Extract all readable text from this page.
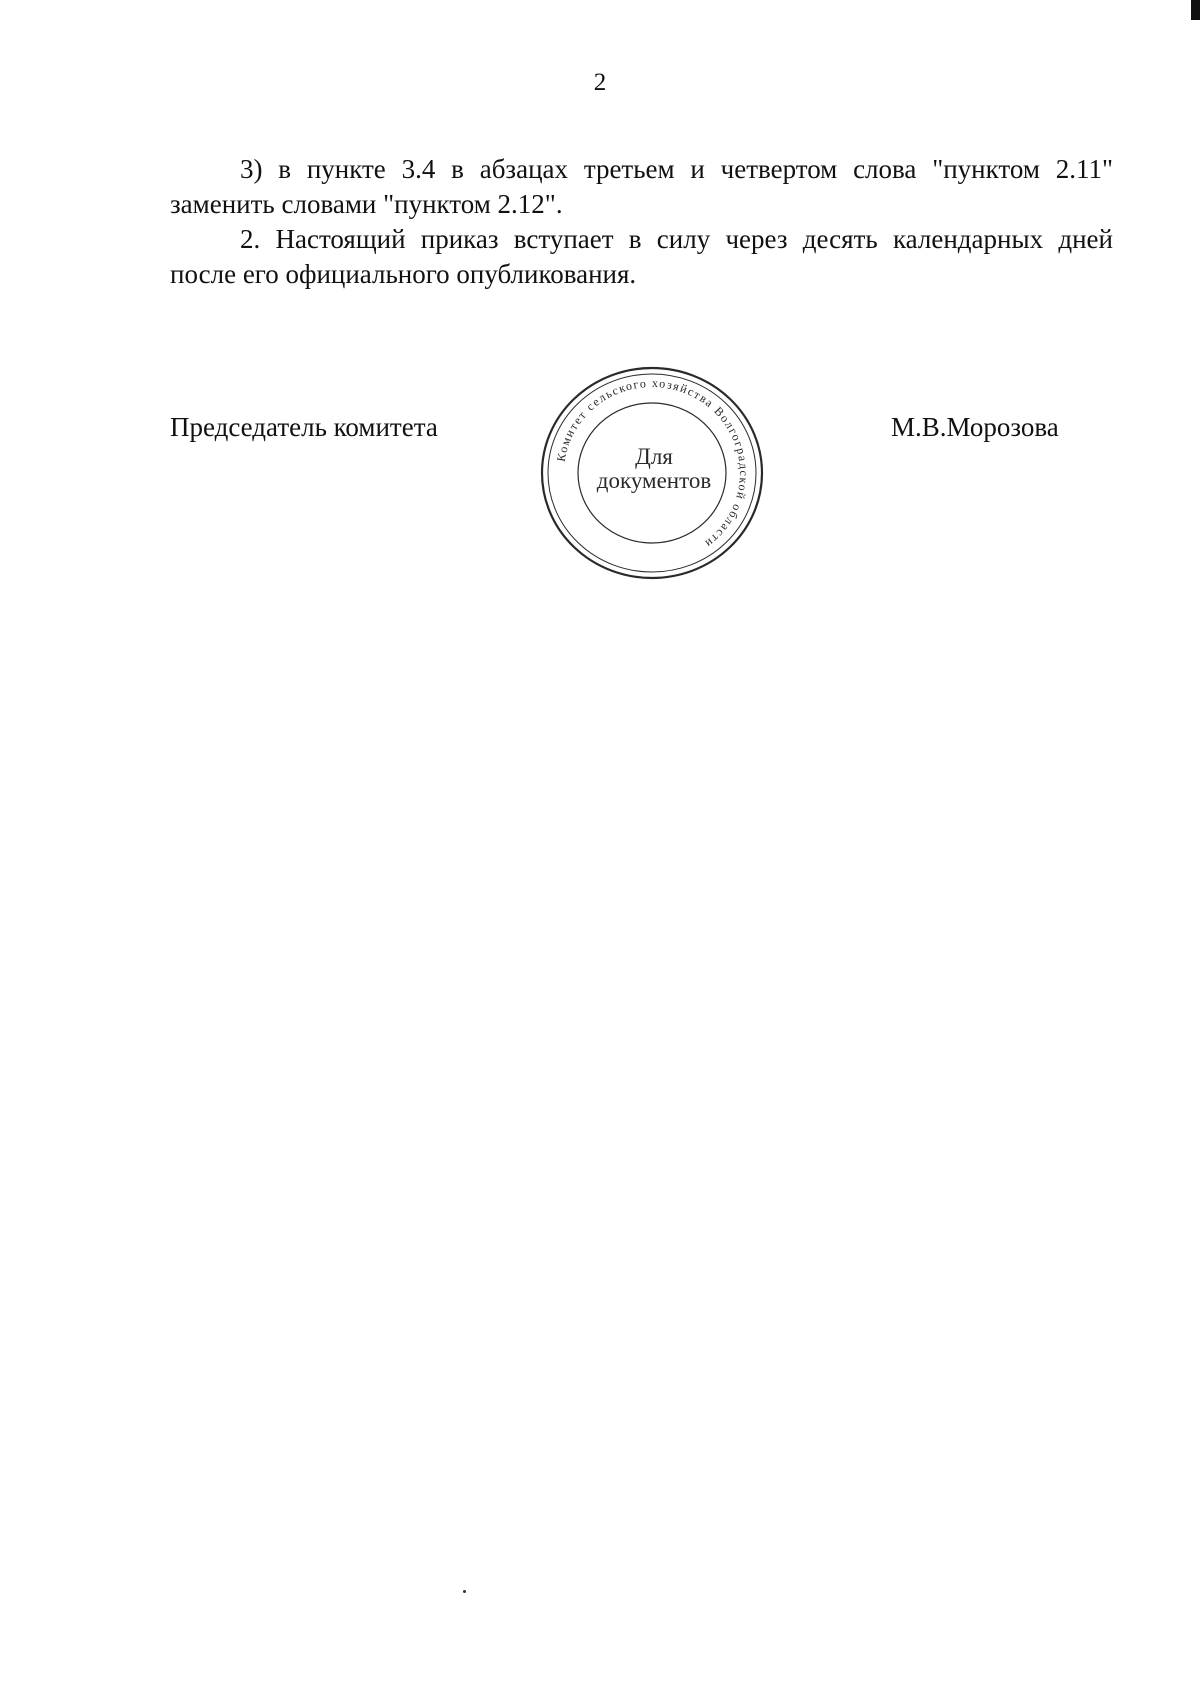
2

3) в пункте 3.4 в абзацах третьем и четвертом слова "пунктом 2.11"
заменить словами "пунктом 2.12".

2. Настоящий приказ вступает в силу через десять календарных дней
после его официального опубликования.

Председатель комитета
Комитет сельского хозяйства Волгоградской области
Для
документов
М.В.Морозова
